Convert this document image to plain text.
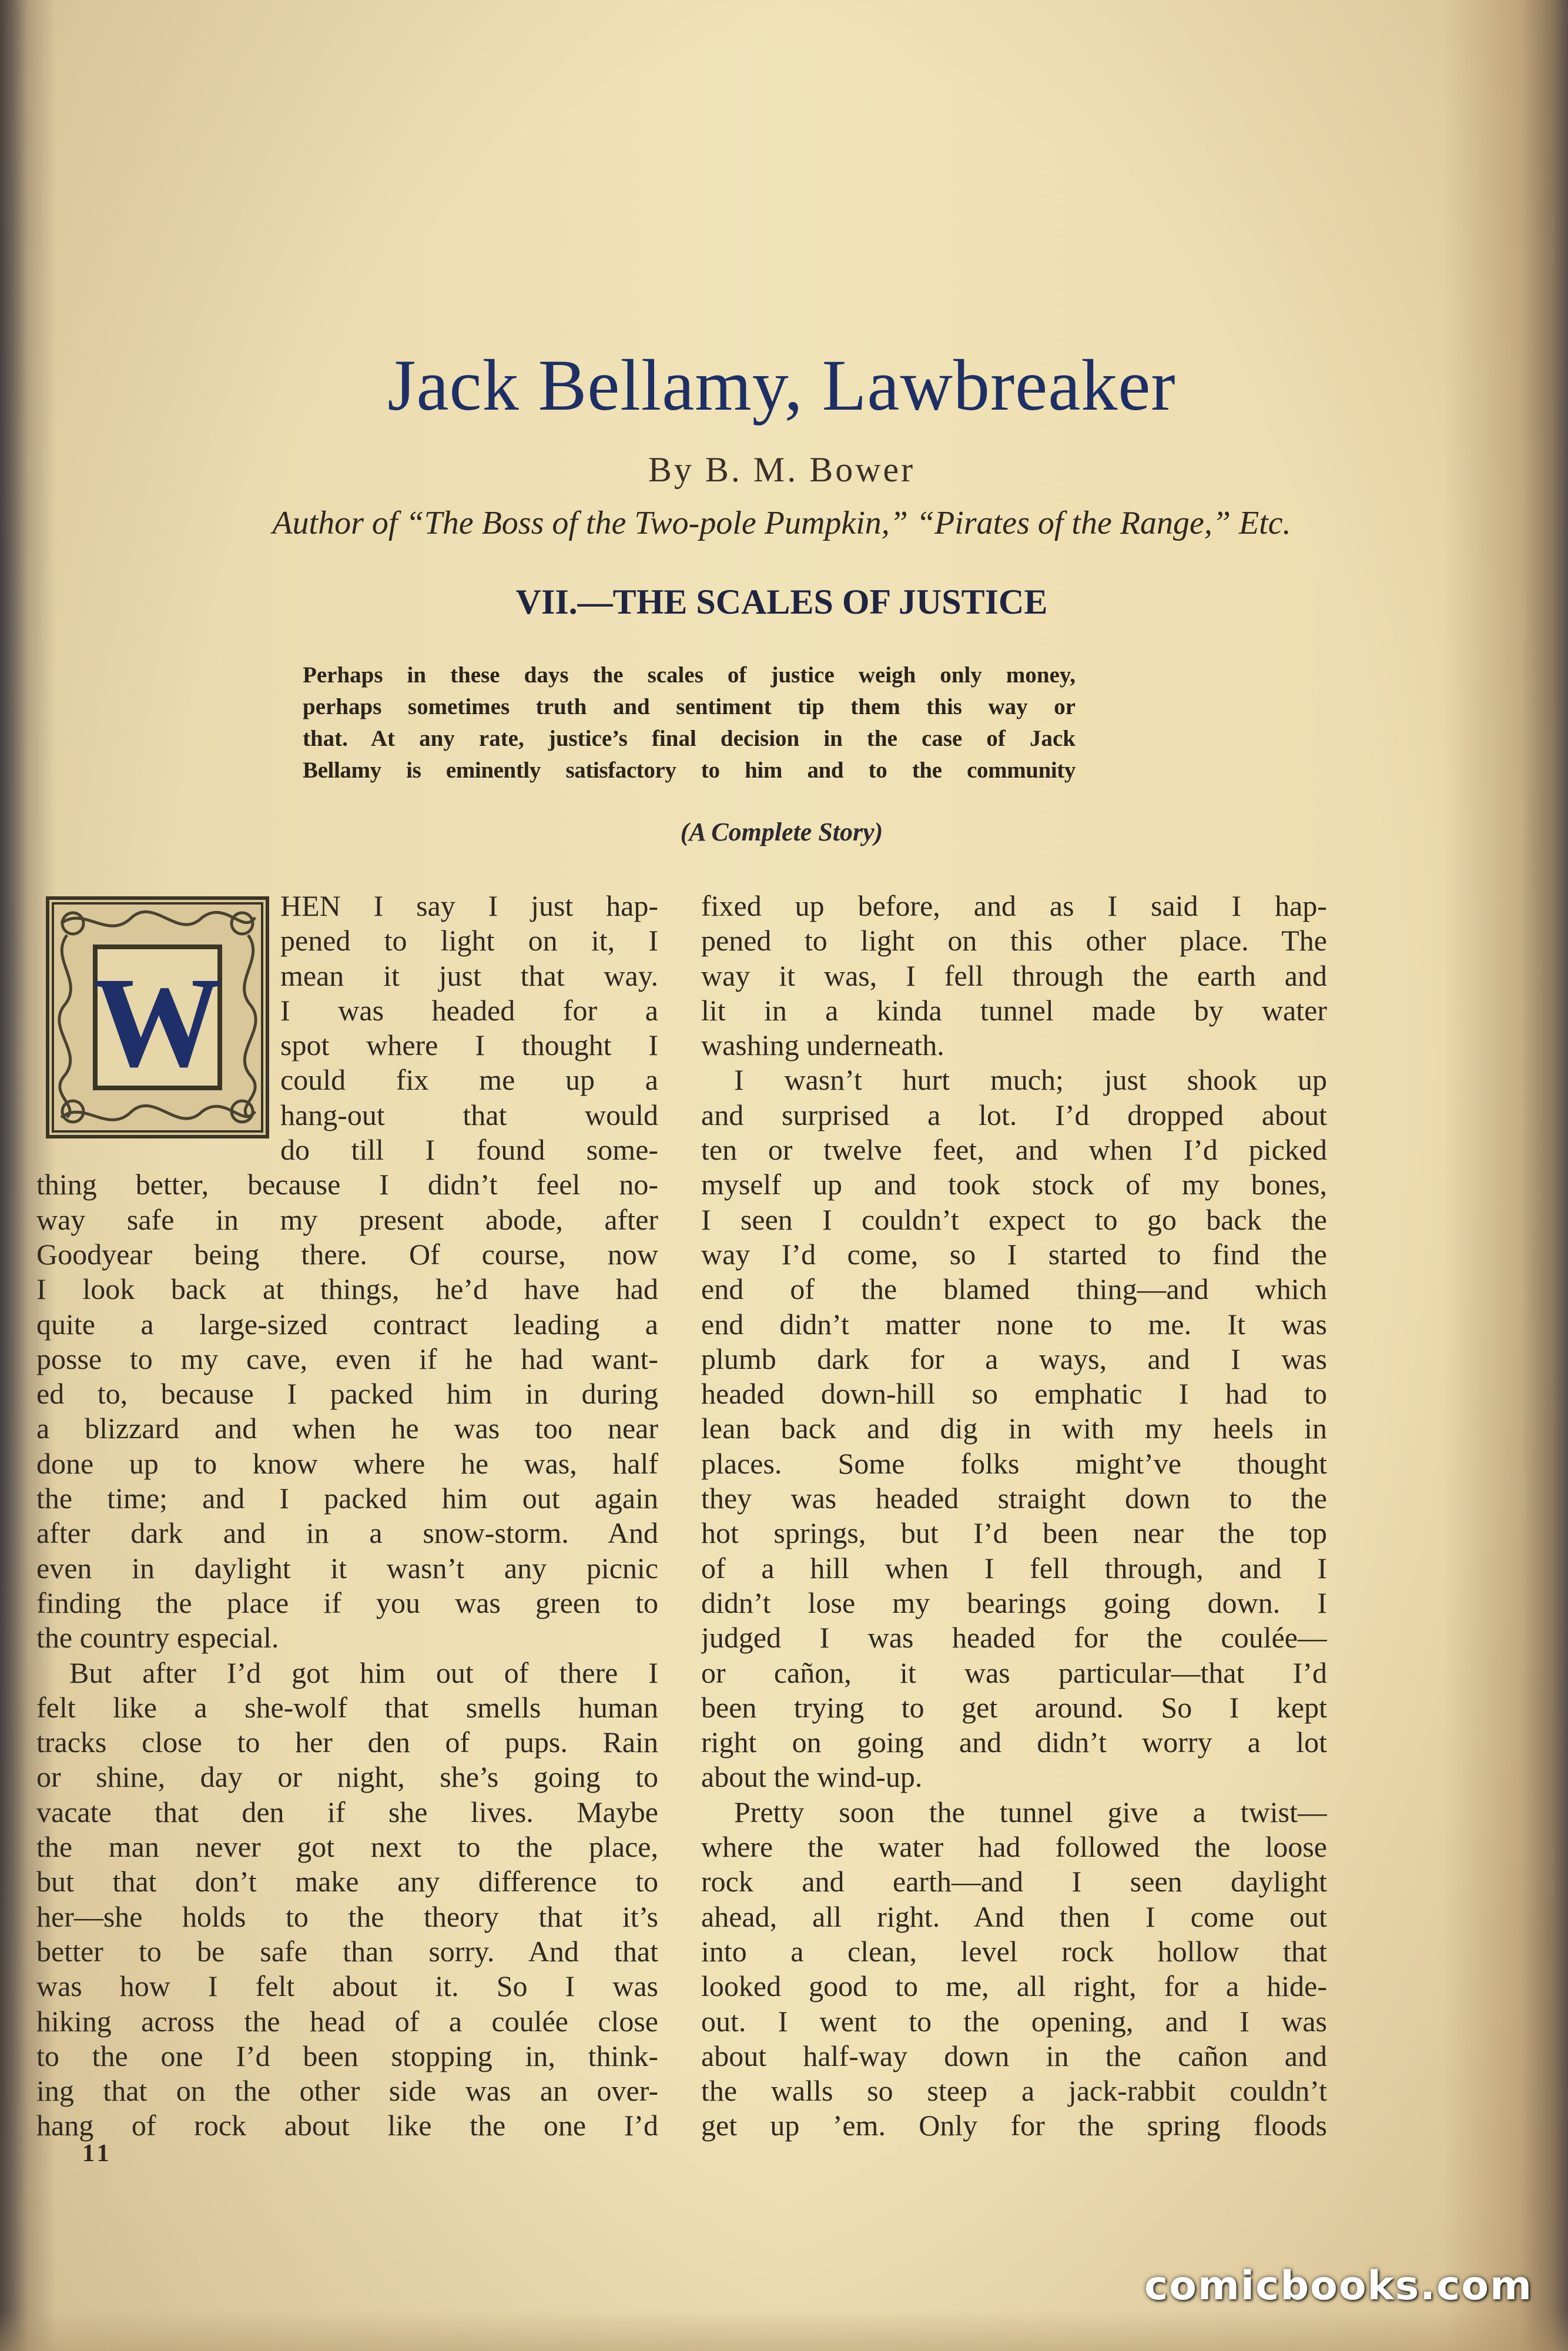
Jack Bellamy, Lawbreaker
By B. M. Bower
Author of “The Boss of the Two-pole Pumpkin,” “Pirates of the Range,” Etc.
VII.—THE SCALES OF JUSTICE
Perhaps in these days the scales of justice weigh only money,
perhaps sometimes truth and sentiment tip them this way or
that. At any rate, justice’s final decision in the case of Jack
Bellamy is eminently satisfactory to him and to the community
(A Complete Story)
W
HEN I say I just hap-
pened to light on it, I
mean it just that way.
I was headed for a
spot where I thought I
could fix me up a
hang-out that would
do till I found some-
thing better, because I didn’t feel no-
way safe in my present abode, after
Goodyear being there. Of course, now
I look back at things, he’d have had
quite a large-sized contract leading a
posse to my cave, even if he had want-
ed to, because I packed him in during
a blizzard and when he was too near
done up to know where he was, half
the time; and I packed him out again
after dark and in a snow-storm. And
even in daylight it wasn’t any picnic
finding the place if you was green to
the country especial.
But after I’d got him out of there I
felt like a she-wolf that smells human
tracks close to her den of pups. Rain
or shine, day or night, she’s going to
vacate that den if she lives. Maybe
the man never got next to the place,
but that don’t make any difference to
her—she holds to the theory that it’s
better to be safe than sorry. And that
was how I felt about it. So I was
hiking across the head of a coulée close
to the one I’d been stopping in, think-
ing that on the other side was an over-
hang of rock about like the one I’d
fixed up before, and as I said I hap-
pened to light on this other place. The
way it was, I fell through the earth and
lit in a kinda tunnel made by water
washing underneath.
I wasn’t hurt much; just shook up
and surprised a lot. I’d dropped about
ten or twelve feet, and when I’d picked
myself up and took stock of my bones,
I seen I couldn’t expect to go back the
way I’d come, so I started to find the
end of the blamed thing—and which
end didn’t matter none to me. It was
plumb dark for a ways, and I was
headed down-hill so emphatic I had to
lean back and dig in with my heels in
places. Some folks might’ve thought
they was headed straight down to the
hot springs, but I’d been near the top
of a hill when I fell through, and I
didn’t lose my bearings going down. I
judged I was headed for the coulée—
or cañon, it was particular—that I’d
been trying to get around. So I kept
right on going and didn’t worry a lot
about the wind-up.
Pretty soon the tunnel give a twist—
where the water had followed the loose
rock and earth—and I seen daylight
ahead, all right. And then I come out
into a clean, level rock hollow that
looked good to me, all right, for a hide-
out. I went to the opening, and I was
about half-way down in the cañon and
the walls so steep a jack-rabbit couldn’t
get up ’em. Only for the spring floods
11
comicbooks.com
